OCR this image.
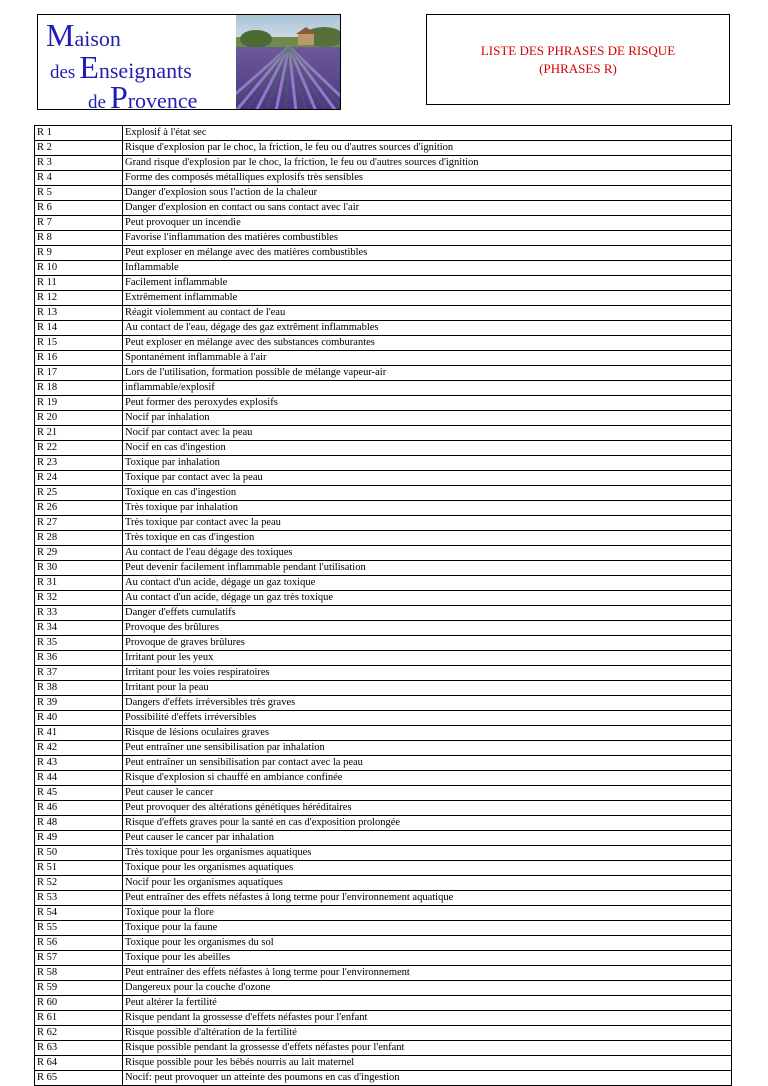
Maison
des Enseignants
de Provence
LISTE DES PHRASES DE RISQUE
(PHRASES R)
R 1	Explosif à l'état sec
R 2	Risque d'explosion par le choc, la friction, le feu ou d'autres sources d'ignition
R 3	Grand risque d'explosion par le choc, la friction, le feu ou d'autres sources d'ignition
R 4	Forme des composés métalliques explosifs très sensibles
R 5	Danger d'explosion sous l'action de la chaleur
R 6	Danger d'explosion en contact ou sans contact avec l'air
R 7	Peut provoquer un incendie
R 8	Favorise l'inflammation des matières combustibles
R 9	Peut exploser en mélange avec des matières combustibles
R 10	Inflammable
R 11	Facilement inflammable
R 12	Extrêmement inflammable
R 13	Réagit violemment au contact de l'eau
R 14	Au contact de l'eau, dégage des gaz extrêment inflammables
R 15	Peut exploser en mélange avec des substances comburantes
R 16	Spontanément inflammable à l'air
R 17	Lors de l'utilisation, formation possible de mélange vapeur-air
R 18	inflammable/explosif
R 19	Peut former des peroxydes explosifs
R 20	Nocif par inhalation
R 21	Nocif par contact avec la peau
R 22	Nocif en cas d'ingestion
R 23	Toxique par inhalation
R 24	Toxique par contact avec la peau
R 25	Toxique en cas d'ingestion
R 26	Très toxique par inhalation
R 27	Très toxique par contact avec la peau
R 28	Très toxique en cas d'ingestion
R 29	Au contact de l'eau dégage des toxiques
R 30	Peut devenir facilement inflammable pendant l'utilisation
R 31	Au contact d'un acide, dégage un gaz toxique
R 32	Au contact d'un acide, dégage un gaz très toxique
R 33	Danger d'effets cumulatifs
R 34	Provoque des brûlures
R 35	Provoque de graves brûlures
R 36	Irritant pour les yeux
R 37	Irritant pour les voies respiratoires
R 38	Irritant pour la peau
R 39	Dangers d'effets irréversibles très graves
R 40	Possibilité d'effets irréversibles
R 41	Risque de lésions oculaires graves
R 42	Peut entraîner une sensibilisation par inhalation
R 43	Peut entraîner un sensibilisation par contact avec la peau
R 44	Risque d'explosion si chauffé en ambiance confinée
R 45	Peut causer le cancer
R 46	Peut provoquer des altérations génétiques héréditaires
R 48	Risque d'effets graves pour la santé en cas d'exposition prolongée
R 49	Peut causer le cancer par inhalation
R 50	Très toxique pour les organismes aquatiques
R 51	Toxique pour les organismes aquatiques
R 52	Nocif pour les organismes aquatiques
R 53	Peut entraîner des effets néfastes à long terme pour l'environnement aquatique
R 54	Toxique pour la flore
R 55	Toxique pour la faune
R 56	Toxique pour les organismes du sol
R 57	Toxique pour les abeilles
R 58	Peut entraîner des effets néfastes à long terme pour l'environnement
R 59	Dangereux pour la couche d'ozone
R 60	Peut altérer la fertilité
R 61	Risque pendant la grossesse d'effets néfastes pour l'enfant
R 62	Risque possible d'altération de la fertilité
R 63	Risque possible pendant la grossesse d'effets néfastes pour l'enfant
R 64	Risque possible pour les bébés nourris au lait maternel
R 65	Nocif: peut provoquer un atteinte des poumons en cas d'ingestion
